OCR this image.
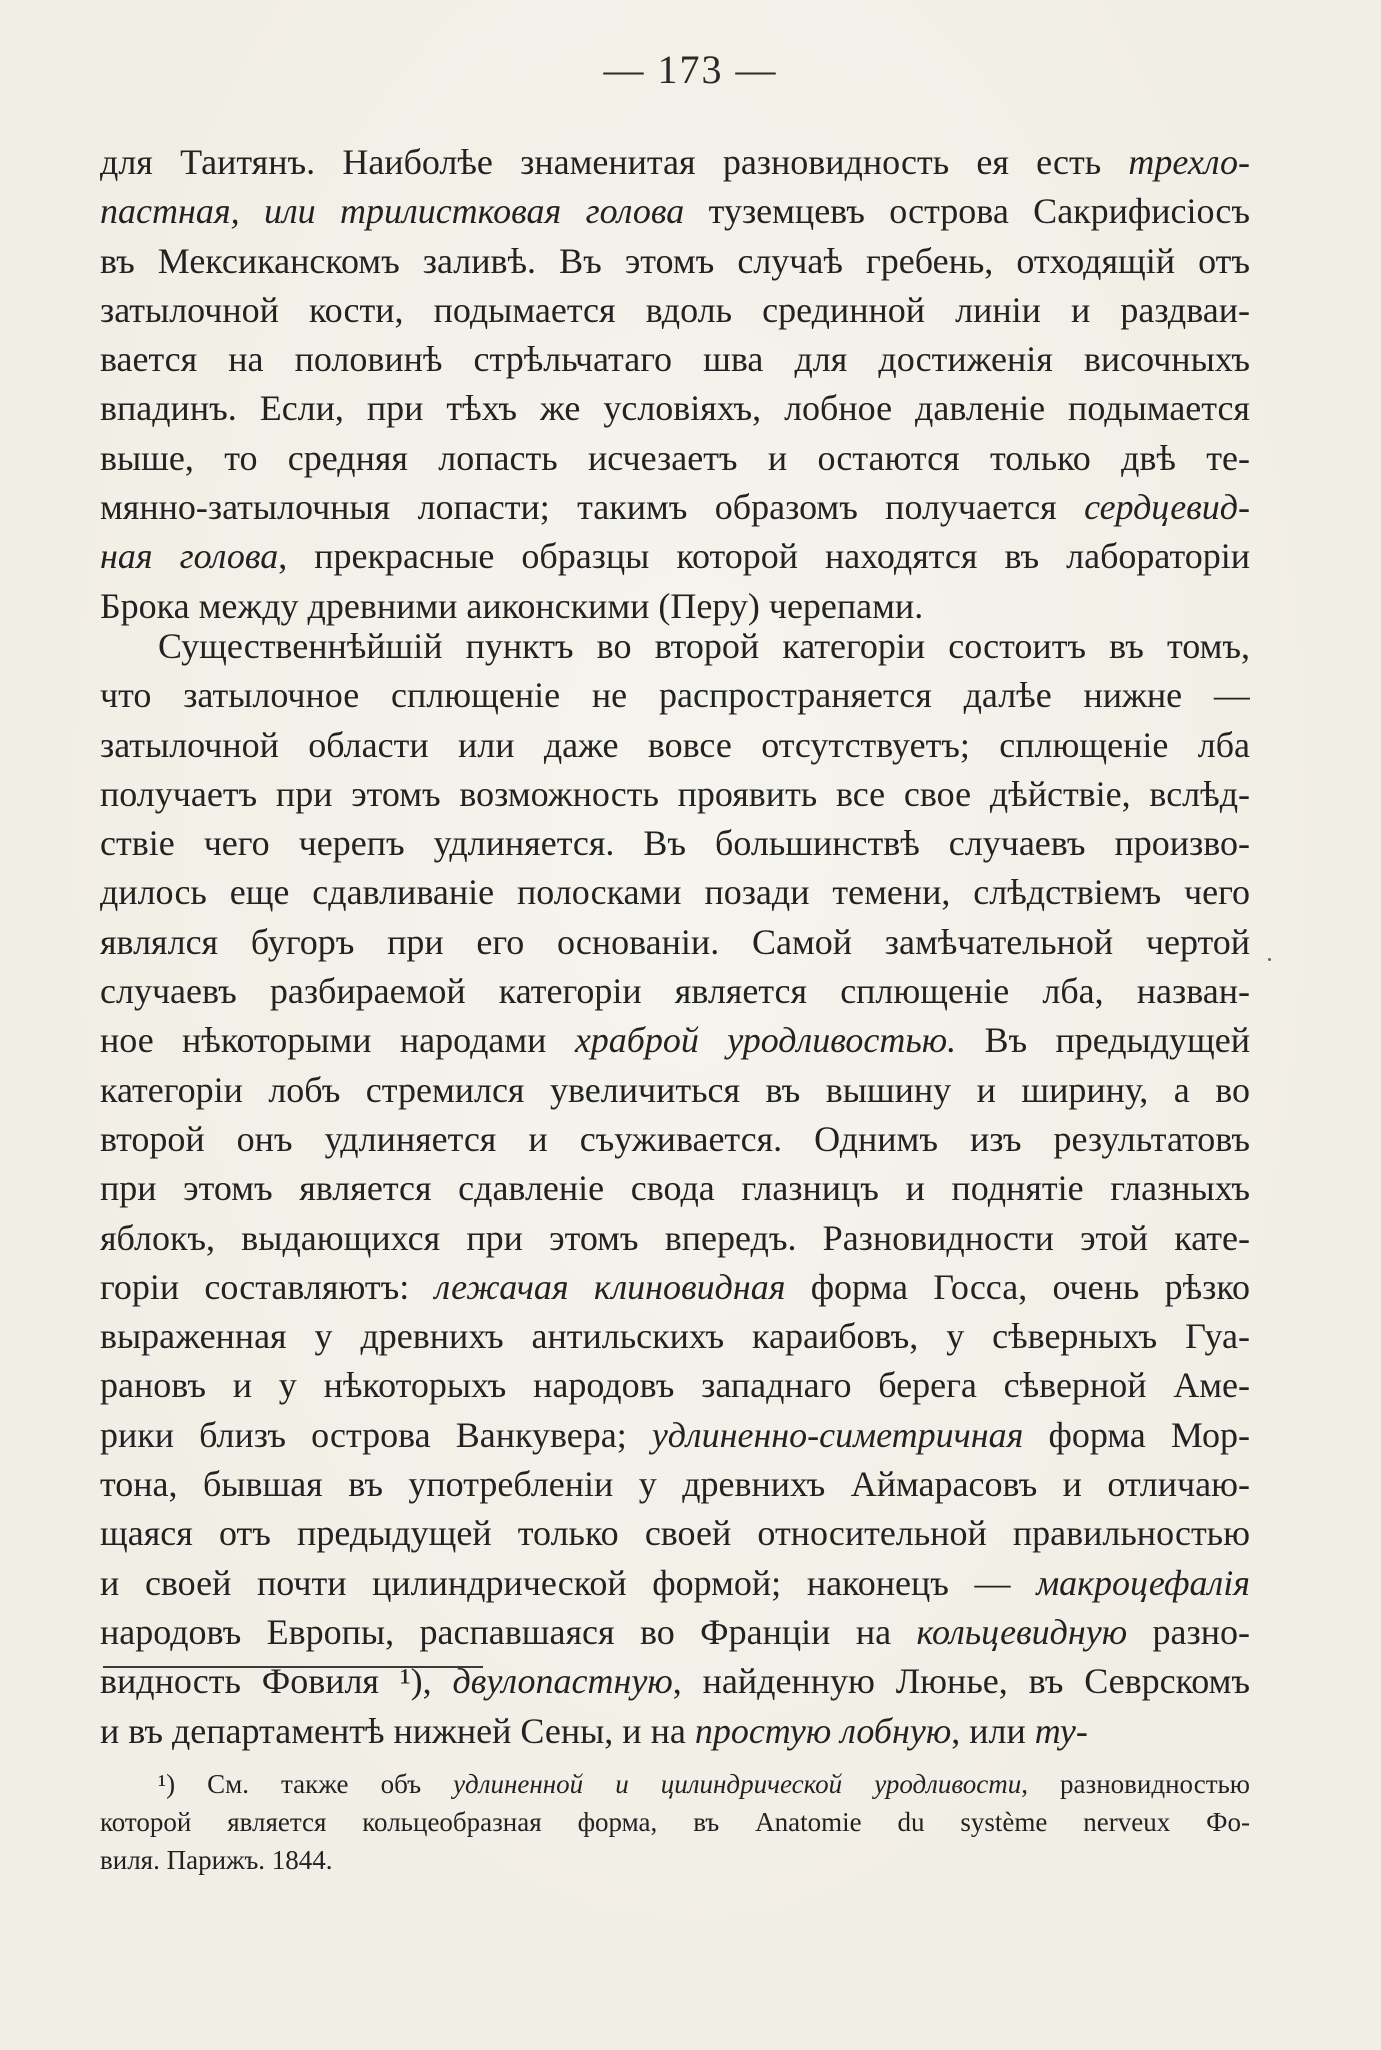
— 173 —
для Таитянъ. Наиболѣе знаменитая разновидность ея есть трехло-
пастная, или трилистковая голова туземцевъ острова Сакрифисіосъ
въ Мексиканскомъ заливѣ. Въ этомъ случаѣ гребень, отходящій отъ
затылочной кости, подымается вдоль срединной линіи и раздваи-
вается на половинѣ стрѣльчатаго шва для достиженія височныхъ
впадинъ. Если, при тѣхъ же условіяхъ, лобное давленіе подымается
выше, то средняя лопасть исчезаетъ и остаются только двѣ те-
мянно-затылочныя лопасти; такимъ образомъ получается сердцевид-
ная голова, прекрасные образцы которой находятся въ лабораторіи
Брока между древними аиконскими (Перу) черепами.
Существеннѣйшій пунктъ во второй категоріи состоитъ въ томъ,
что затылочное сплющеніе не распространяется далѣе нижне —
затылочной области или даже вовсе отсутствуетъ; сплющеніе лба
получаетъ при этомъ возможность проявить все свое дѣйствіе, вслѣд-
ствіе чего черепъ удлиняется. Въ большинствѣ случаевъ произво-
дилось еще сдавливаніе полосками позади темени, слѣдствіемъ чего
являлся бугоръ при его основаніи. Самой замѣчательной чертой
случаевъ разбираемой категоріи является сплющеніе лба, назван-
ное нѣкоторыми народами храброй уродливостью. Въ предыдущей
категоріи лобъ стремился увеличиться въ вышину и ширину, а во
второй онъ удлиняется и съуживается. Однимъ изъ результатовъ
при этомъ является сдавленіе свода глазницъ и поднятіе глазныхъ
яблокъ, выдающихся при этомъ впередъ. Разновидности этой кате-
горіи составляютъ: лежачая клиновидная форма Госса, очень рѣзко
выраженная у древнихъ антильскихъ караибовъ, у сѣверныхъ Гуа-
рановъ и у нѣкоторыхъ народовъ западнаго берега сѣверной Аме-
рики близъ острова Ванкувера; удлиненно-симетричная форма Мор-
тона, бывшая въ употребленіи у древнихъ Аймарасовъ и отличаю-
щаяся отъ предыдущей только своей относительной правильностью
и своей почти цилиндрической формой; наконецъ — макроцефалія
народовъ Европы, распавшаяся во Франціи на кольцевидную разно-
видность Фовиля ¹), двулопастную, найденную Люнье, въ Севрскомъ
и въ департаментѣ нижней Сены, и на простую лобную, или ту-
¹) См. также объ удлиненной и цилиндрической уродливости, разновидностью
которой является кольцеобразная форма, въ Anatomie du système nerveux Фо-
виля. Парижъ. 1844.
